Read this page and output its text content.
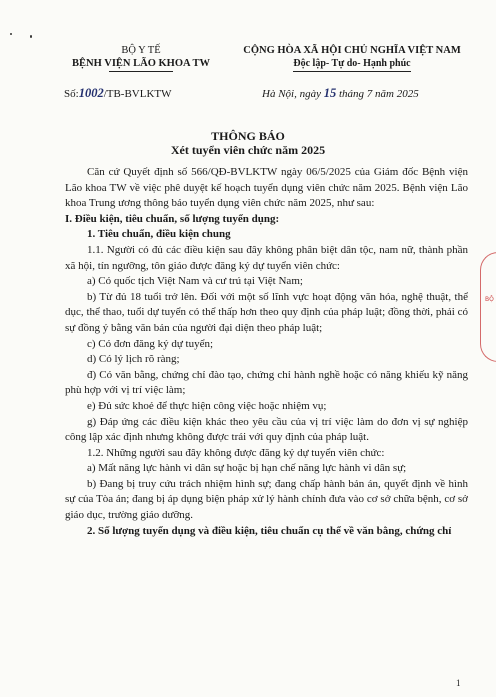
BỘ Y TẾ
BỆNH VIỆN LÃO KHOA TW
CỘNG HÒA XÃ HỘI CHỦ NGHĨA VIỆT NAM
Độc lập- Tự do- Hạnh phúc
Số:1002/TB-BVLKTW	Hà Nội, ngày 15 tháng 7 năm 2025
THÔNG BÁO
Xét tuyển viên chức năm 2025

Căn cứ Quyết định số 566/QĐ-BVLKTW ngày 06/5/2025 của Giám đốc Bệnh viện Lão khoa TW về việc phê duyệt kế hoạch tuyển dụng viên chức năm 2025. Bệnh viện Lão khoa Trung ương thông báo tuyển dụng viên chức năm 2025, như sau:

I. Điều kiện, tiêu chuẩn, số lượng tuyển dụng:

1. Tiêu chuẩn, điều kiện chung

1.1. Người có đủ các điều kiện sau đây không phân biệt dân tộc, nam nữ, thành phần xã hội, tín ngưỡng, tôn giáo được đăng ký dự tuyển viên chức:

a) Có quốc tịch Việt Nam và cư trú tại Việt Nam;

b) Từ đủ 18 tuổi trở lên. Đối với một số lĩnh vực hoạt động văn hóa, nghệ thuật, thể dục, thể thao, tuổi dự tuyển có thể thấp hơn theo quy định của pháp luật; đồng thời, phải có sự đồng ý bằng văn bản của người đại diện theo pháp luật;

c) Có đơn đăng ký dự tuyển;

d) Có lý lịch rõ ràng;

đ) Có văn bằng, chứng chỉ đào tạo, chứng chỉ hành nghề hoặc có năng khiếu kỹ năng phù hợp với vị trí việc làm;

e) Đủ sức khoẻ để thực hiện công việc hoặc nhiệm vụ;

g) Đáp ứng các điều kiện khác theo yêu cầu của vị trí việc làm do đơn vị sự nghiệp công lập xác định nhưng không được trái với quy định của pháp luật.

1.2. Những người sau đây không được đăng ký dự tuyển viên chức:

a) Mất năng lực hành vi dân sự hoặc bị hạn chế năng lực hành vi dân sự;

b) Đang bị truy cứu trách nhiệm hình sự; đang chấp hành bản án, quyết định về hình sự của Tòa án; đang bị áp dụng biện pháp xử lý hành chính đưa vào cơ sở chữa bệnh, cơ sở giáo dục, trường giáo dưỡng.

2. Số lượng tuyển dụng và điều kiện, tiêu chuẩn cụ thể về văn bằng, chứng chỉ

BỘ
1
